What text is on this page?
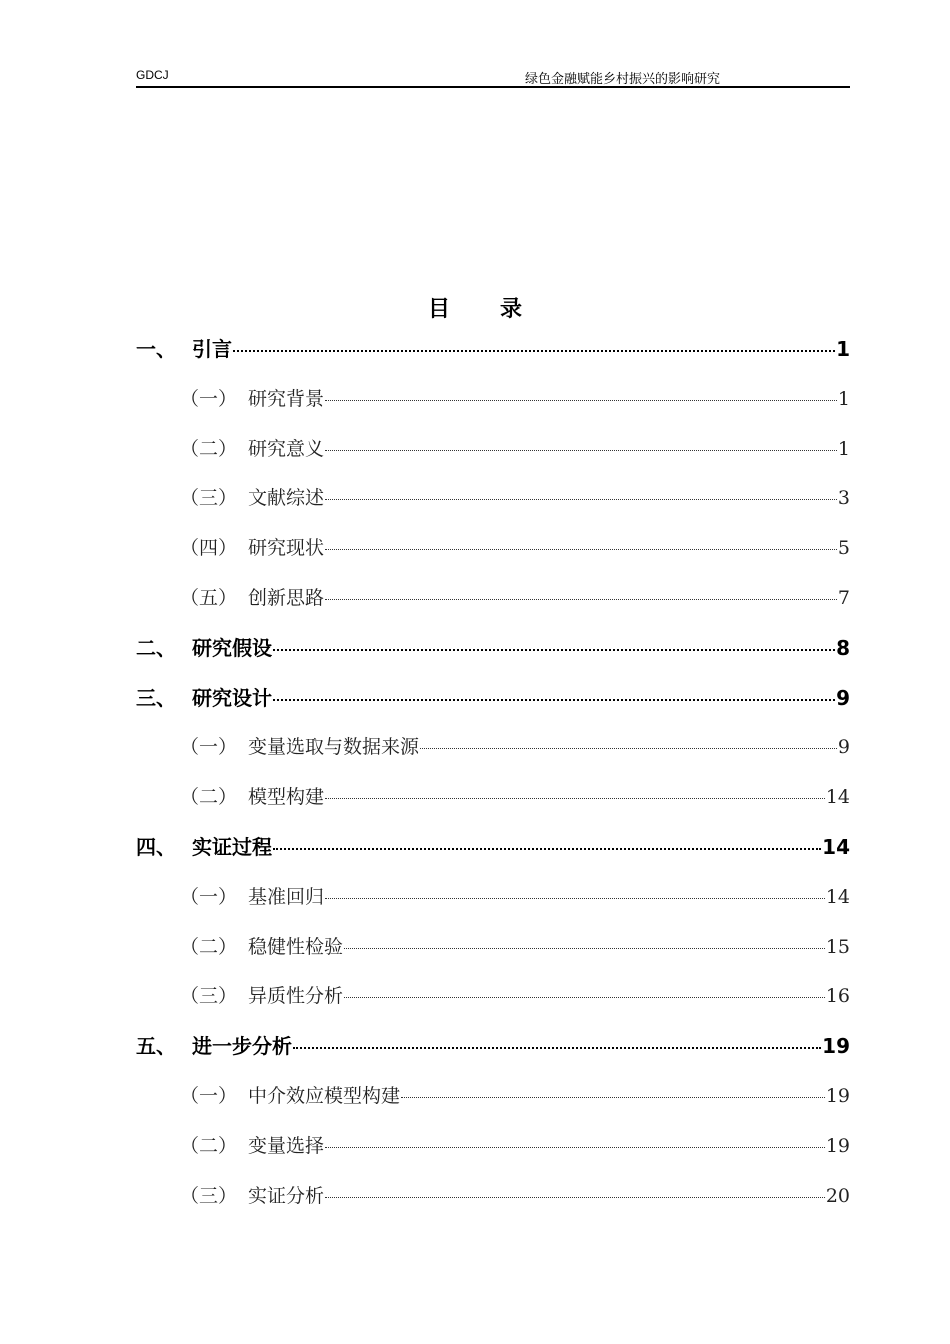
GDCJ	绿色金融赋能乡村振兴的影响研究
目录
一、 引言	1
（一） 研究背景	1
（二） 研究意义	1
（三） 文献综述	3
（四） 研究现状	5
（五） 创新思路	7
二、 研究假设	8
三、 研究设计	9
（一） 变量选取与数据来源	9
（二） 模型构建	14
四、 实证过程	14
（一） 基准回归	14
（二） 稳健性检验	15
（三） 异质性分析	16
五、 进一步分析	19
（一） 中介效应模型构建	19
（二） 变量选择	19
（三） 实证分析	20
